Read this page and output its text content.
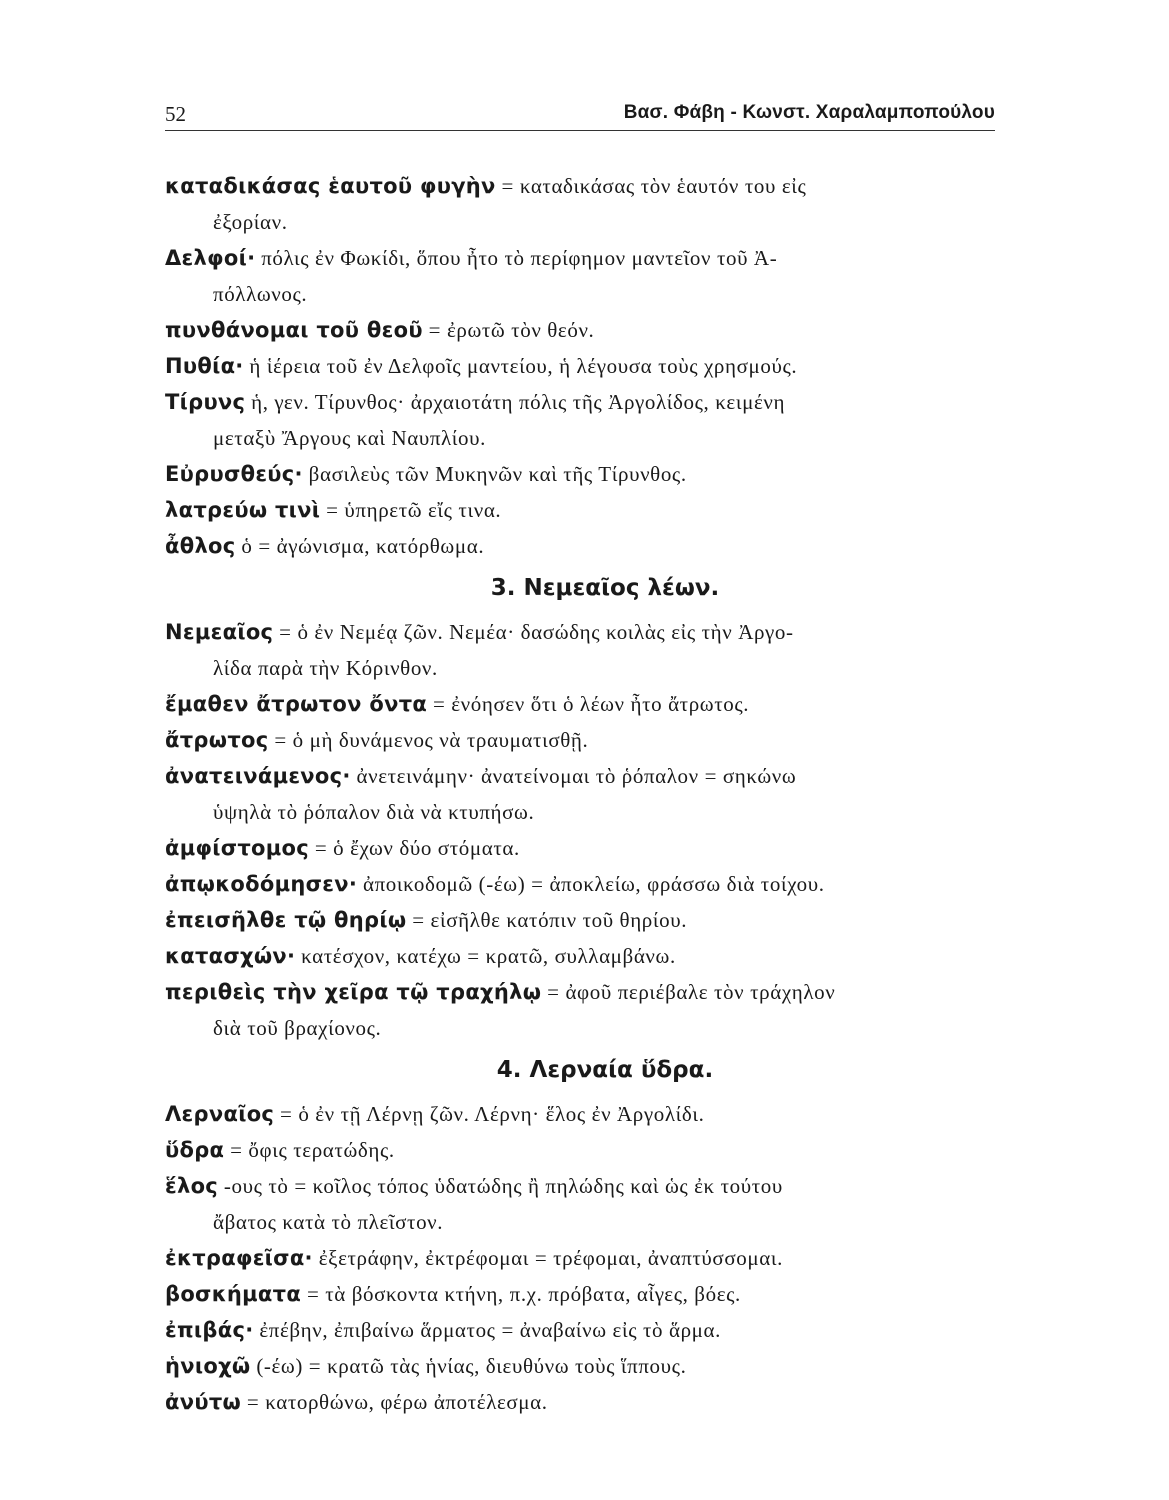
52	Βασ. Φάβη - Κωνστ. Χαραλαμποπούλου

καταδικάσας ἑαυτοῦ φυγὴν = καταδικάσας τὸν ἑαυτόν του εἰς
ἐξορίαν.

Δελφοί· πόλις ἐν Φωκίδι, ὅπου ἦτο τὸ περίφημον μαντεῖον τοῦ Ἀ-
πόλλωνος.

πυνθάνομαι τοῦ θεοῦ = ἐρωτῶ τὸν θεόν.

Πυθία· ἡ ἱέρεια τοῦ ἐν Δελφοῖς μαντείου, ἡ λέγουσα τοὺς χρησμούς.

Τίρυνς ἡ, γεν. Τίρυνθος· ἀρχαιοτάτη πόλις τῆς Ἀργολίδος, κειμένη
μεταξὺ Ἄργους καὶ Ναυπλίου.

Εὐρυσθεύς· βασιλεὺς τῶν Μυκηνῶν καὶ τῆς Τίρυνθος.

λατρεύω τινὶ = ὑπηρετῶ εἴς τινα.

ἆθλος ὁ = ἀγώνισμα, κατόρθωμα.

3. Νεμεαῖος λέων.

Νεμεαῖος = ὁ ἐν Νεμέᾳ ζῶν. Νεμέα· δασώδης κοιλὰς εἰς τὴν Ἀργο-
λίδα παρὰ τὴν Κόρινθον.

ἔμαθεν ἄτρωτον ὄντα = ἐνόησεν ὅτι ὁ λέων ἦτο ἄτρωτος.

ἄτρωτος = ὁ μὴ δυνάμενος νὰ τραυματισθῇ.

ἀνατεινάμενος· ἀνετεινάμην· ἀνατείνομαι τὸ ῥόπαλον = σηκώνω
ὑψηλὰ τὸ ῥόπαλον διὰ νὰ κτυπήσω.

ἀμφίστομος = ὁ ἔχων δύο στόματα.

ἀπῳκοδόμησεν· ἀποικοδομῶ (-έω) = ἀποκλείω, φράσσω διὰ τοίχου.

ἐπεισῆλθε τῷ θηρίῳ = εἰσῆλθε κατόπιν τοῦ θηρίου.

κατασχών· κατέσχον, κατέχω = κρατῶ, συλλαμβάνω.

περιθεὶς τὴν χεῖρα τῷ τραχήλῳ = ἀφοῦ περιέβαλε τὸν τράχηλον
διὰ τοῦ βραχίονος.

4. Λερναία ὕδρα.

Λερναῖος = ὁ ἐν τῇ Λέρνῃ ζῶν. Λέρνη· ἕλος ἐν Ἀργολίδι.

ὕδρα = ὄφις τερατώδης.

ἕλος -ους τὸ = κοῖλος τόπος ὑδατώδης ἢ πηλώδης καὶ ὡς ἐκ τούτου
ἄβατος κατὰ τὸ πλεῖστον.

ἐκτραφεῖσα· ἐξετράφην, ἐκτρέφομαι = τρέφομαι, ἀναπτύσσομαι.

βοσκήματα = τὰ βόσκοντα κτήνη, π.χ. πρόβατα, αἶγες, βόες.

ἐπιβάς· ἐπέβην, ἐπιβαίνω ἅρματος = ἀναβαίνω εἰς τὸ ἅρμα.

ἡνιοχῶ (-έω) = κρατῶ τὰς ἡνίας, διευθύνω τοὺς ἵππους.

ἀνύτω = κατορθώνω, φέρω ἀποτέλεσμα.
